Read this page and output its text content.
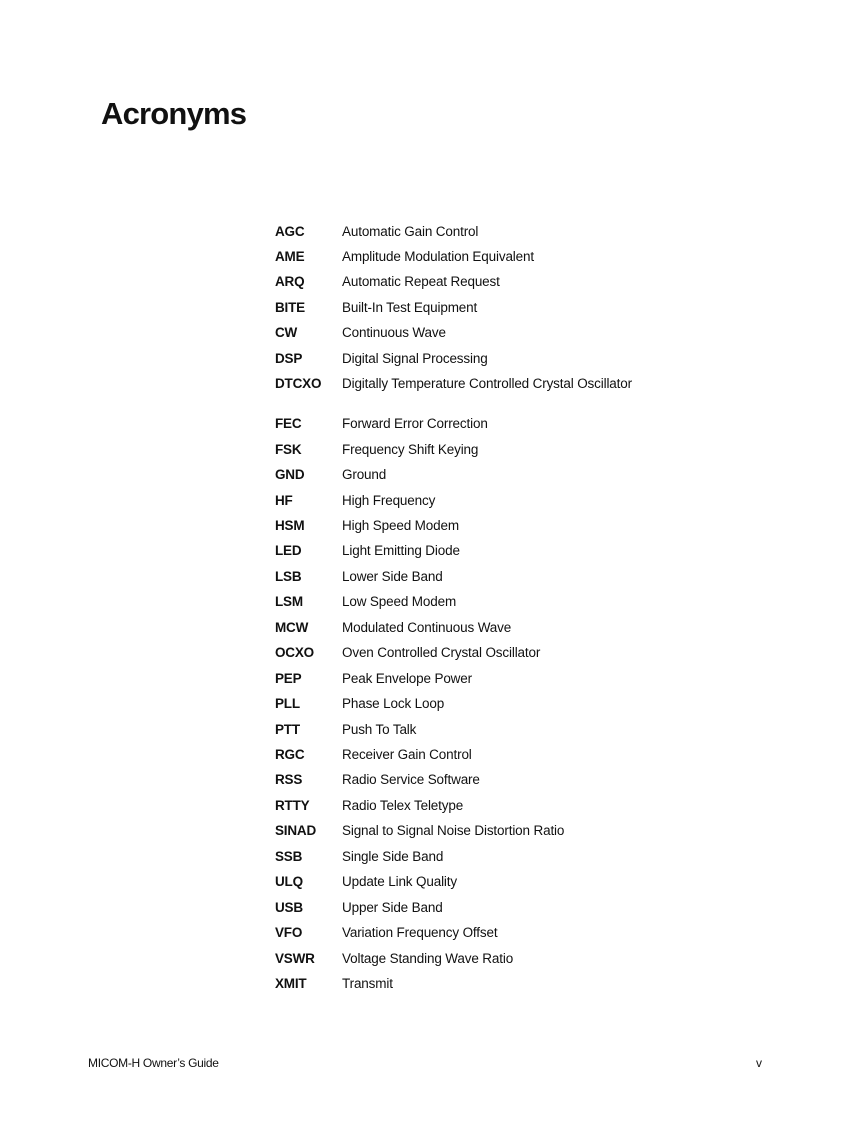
Acronyms
AGC	Automatic Gain Control
AME	Amplitude Modulation Equivalent
ARQ	Automatic Repeat Request
BITE	Built-In Test Equipment
CW	Continuous Wave
DSP	Digital Signal Processing
DTCXO	Digitally Temperature Controlled Crystal Oscillator
FEC	Forward Error Correction
FSK	Frequency Shift Keying
GND	Ground
HF	High Frequency
HSM	High Speed Modem
LED	Light Emitting Diode
LSB	Lower Side Band
LSM	Low Speed Modem
MCW	Modulated Continuous Wave
OCXO	Oven Controlled Crystal Oscillator
PEP	Peak Envelope Power
PLL	Phase Lock Loop
PTT	Push To Talk
RGC	Receiver Gain Control
RSS	Radio Service Software
RTTY	Radio Telex Teletype
SINAD	Signal to Signal Noise Distortion Ratio
SSB	Single Side Band
ULQ	Update Link Quality
USB	Upper Side Band
VFO	Variation Frequency Offset
VSWR	Voltage Standing Wave Ratio
XMIT	Transmit
MICOM-H Owner’s Guide	v
